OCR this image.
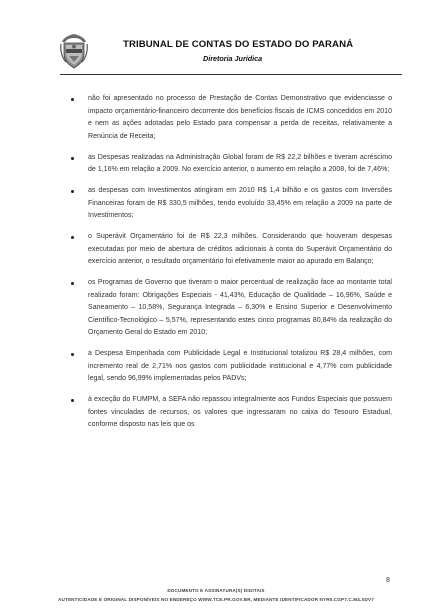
TRIBUNAL DE CONTAS DO ESTADO DO PARANÁ
Diretoria Jurídica
não foi apresentado no processo de Prestação de Contas Demonstrativo que evidenciasse o impacto orçamentário-financeiro decorrente dos benefícios fiscais de ICMS concedidos em 2010 e nem as ações adotadas pelo Estado para compensar a perda de receitas, relativamente a Renúncia de Receita;
as Despesas realizadas na Administração Global foram de R$ 22,2 bilhões e tiveram acréscimo de 1,16% em relação a 2009. No exercício anterior, o aumento em relação a 2008, foi de 7,46%;
as despesas com Investimentos atingiram em 2010 R$ 1,4 bilhão e os gastos com Inversões Financeiras foram de R$ 330,5 milhões, tendo evoluído 33,45% em relação a 2009 na parte de Investimentos;
o Superávit Orçamentário foi de R$ 22,3 milhões. Considerando que houveram despesas executadas por meio de abertura de créditos adicionais à conta do Superávit Orçamentário do exercício anterior, o resultado orçamentário foi efetivamente maior ao apurado em Balanço;
os Programas de Governo que tiveram o maior percentual de realização face ao montante total realizado foram: Obrigações Especiais - 41,43%, Educação de Qualidade – 16,96%, Saúde e Saneamento – 10,58%, Segurança Integrada – 6,30% e Ensino Superior e Desenvolvimento Científico-Tecnológico – 5,57%, representando estes cinco programas 80,84% da realização do Orçamento Geral do Estado em 2010;
a Despesa Empenhada com Publicidade Legal e Institucional totalizou R$ 28,4 milhões, com incremento real de 2,71% nos gastos com publicidade institucional e 4,77% com publicidade legal, sendo 96,99% implementadas pelos PADVs;
à exceção do FUMPM, a SEFA não repassou integralmente aos Fundos Especiais que possuem fontes vinculadas de recursos, os valores que ingressaram no caixa do Tesouro Estadual, conforme disposto nas leis que os
8
DOCUMENTO E ASSINATURA(S) DIGITAIS
AUTENTICIDADE E ORIGINAL DISPONÍVEIS NO ENDEREÇO WWW.TCE.PR.GOV.BR, MEDIANTE IDENTIFICADOR NYR0.CGP7.C.M4.XDV7
